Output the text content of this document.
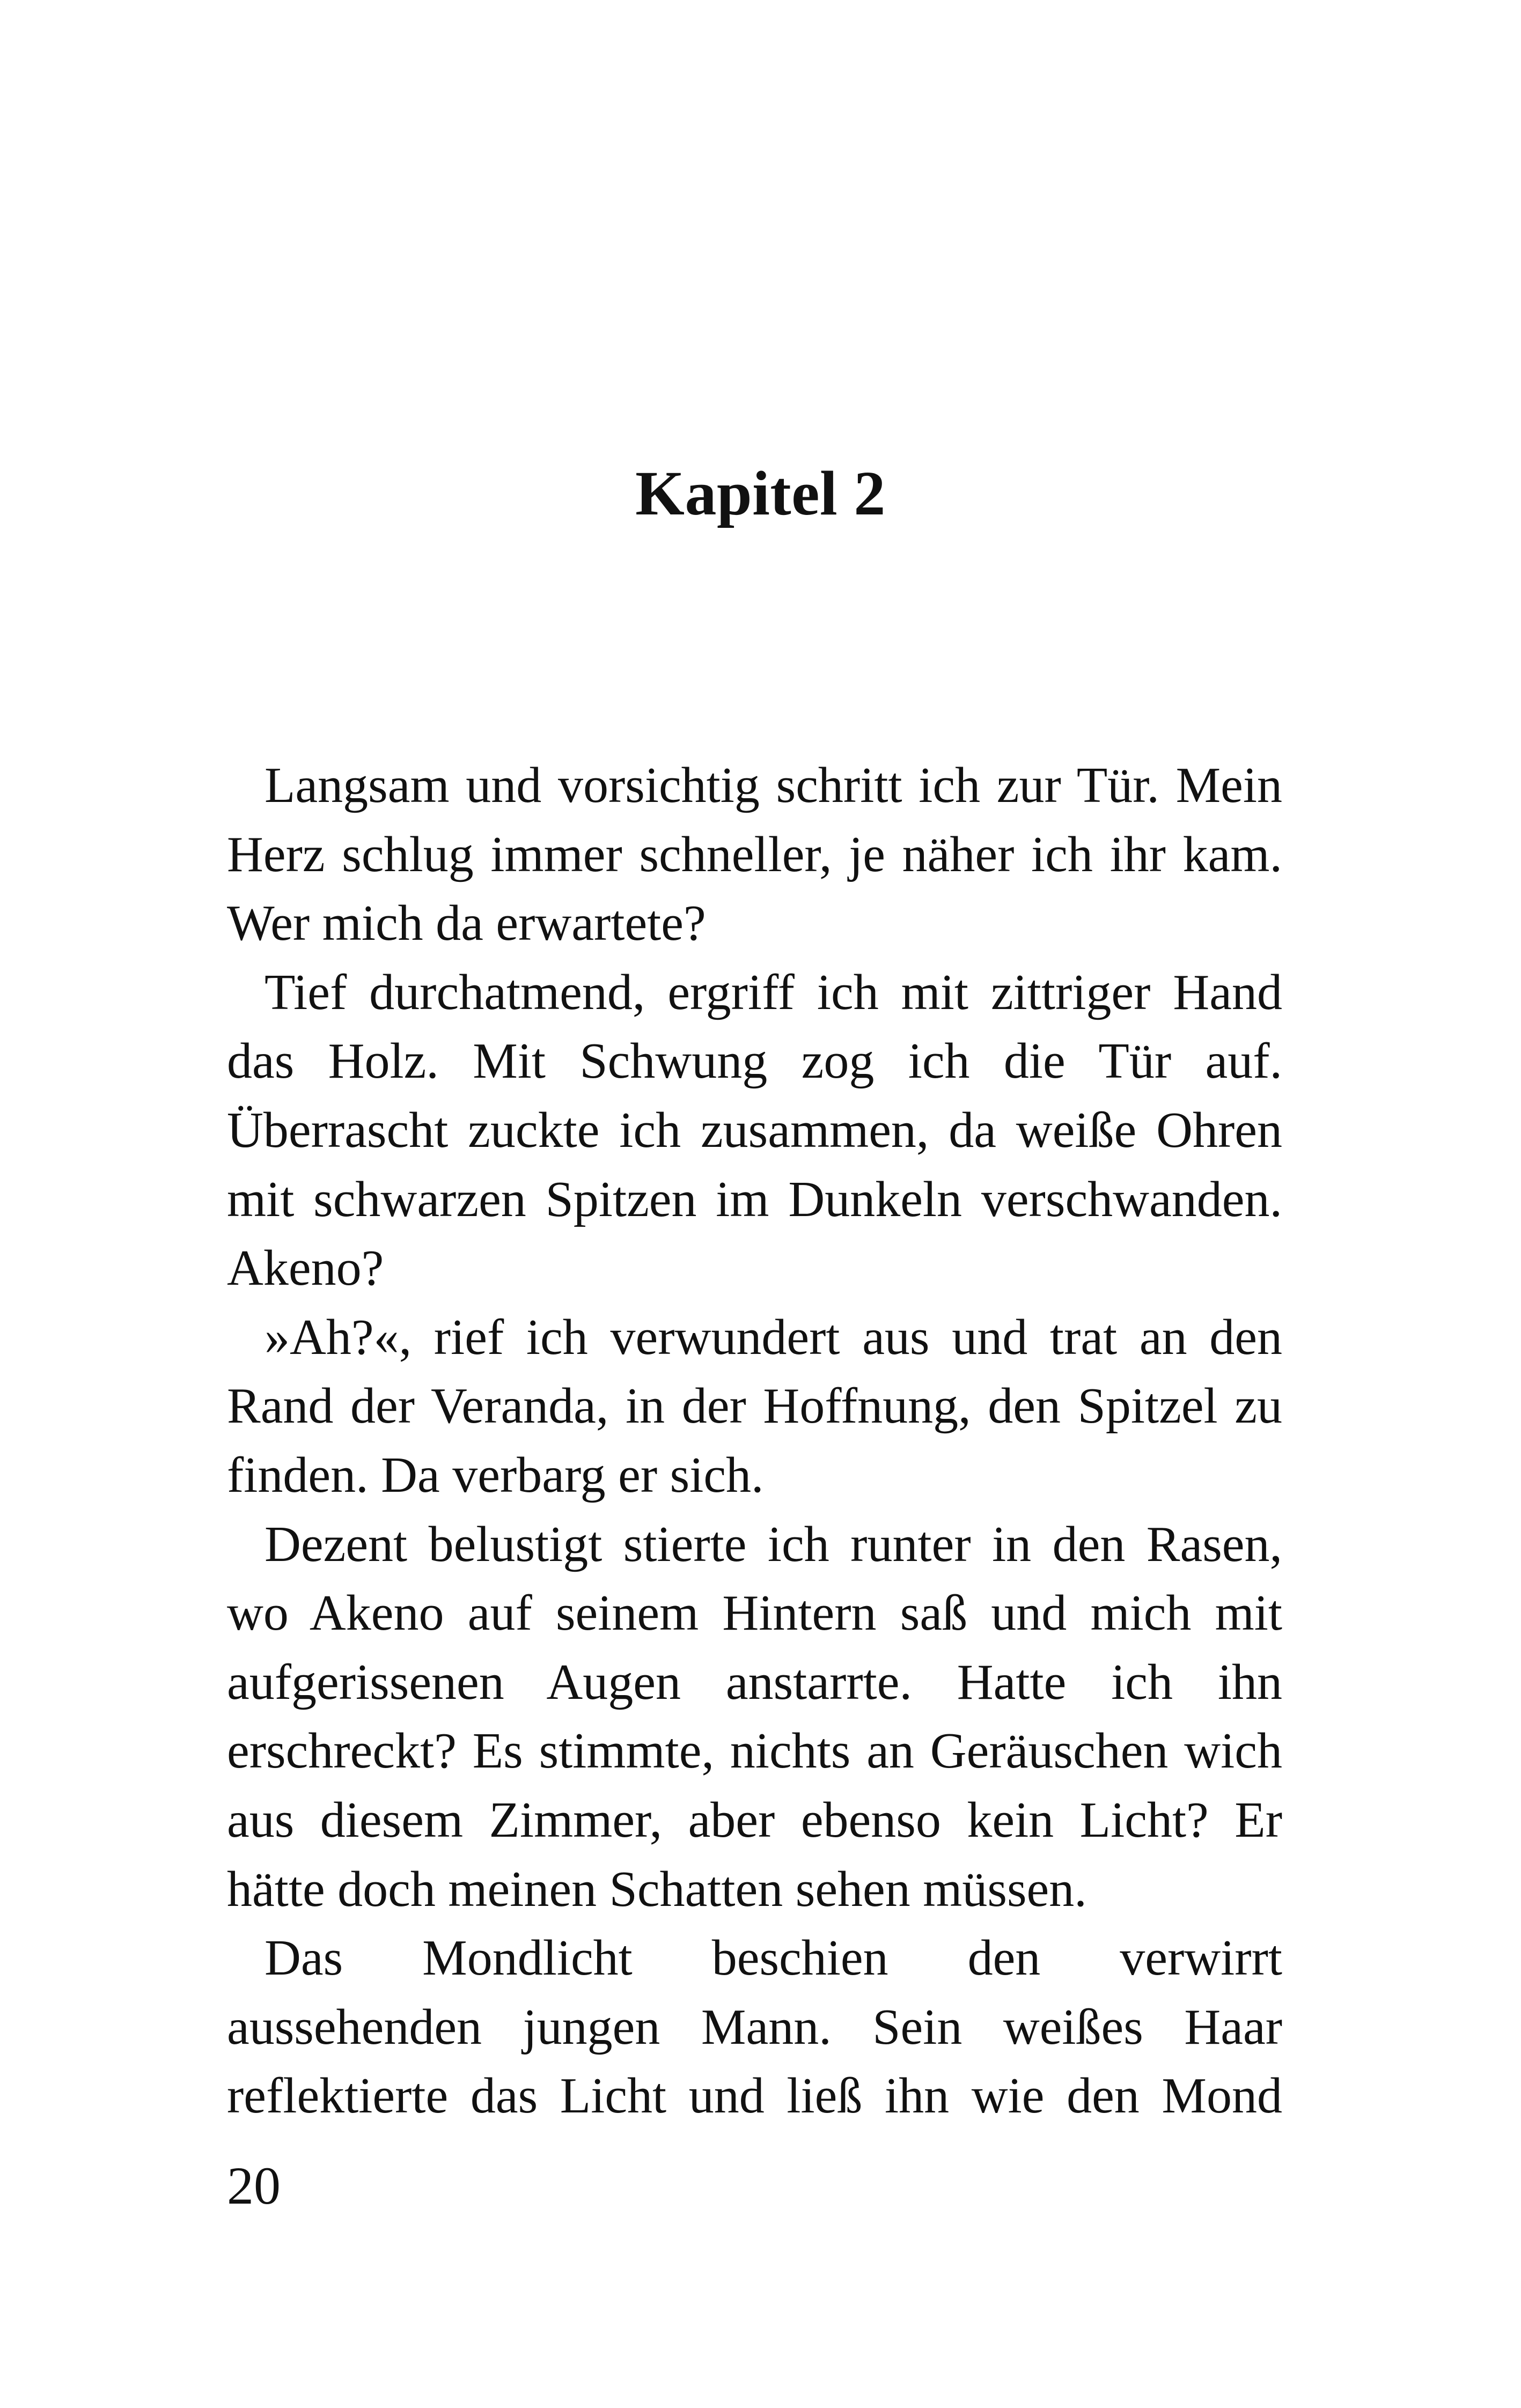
Kapitel 2

Langsam und vorsichtig schritt ich zur Tür. Mein Herz schlug immer schneller, je näher ich ihr kam. Wer mich da erwartete?

Tief durchatmend, ergriff ich mit zittriger Hand das Holz. Mit Schwung zog ich die Tür auf. Überrascht zuckte ich zusammen, da weiße Ohren mit schwarzen Spitzen im Dunkeln verschwanden. Akeno?

»Ah?«, rief ich verwundert aus und trat an den Rand der Veranda, in der Hoffnung, den Spitzel zu finden. Da verbarg er sich.

Dezent belustigt stierte ich runter in den Rasen, wo Akeno auf seinem Hintern saß und mich mit aufgerissenen Augen anstarrte. Hatte ich ihn erschreckt? Es stimmte, nichts an Geräuschen wich aus diesem Zimmer, aber ebenso kein Licht? Er hätte doch meinen Schatten sehen müssen.

Das Mondlicht beschien den verwirrt aussehenden jungen Mann. Sein weißes Haar reflektierte das Licht und ließ ihn wie den Mond

20
